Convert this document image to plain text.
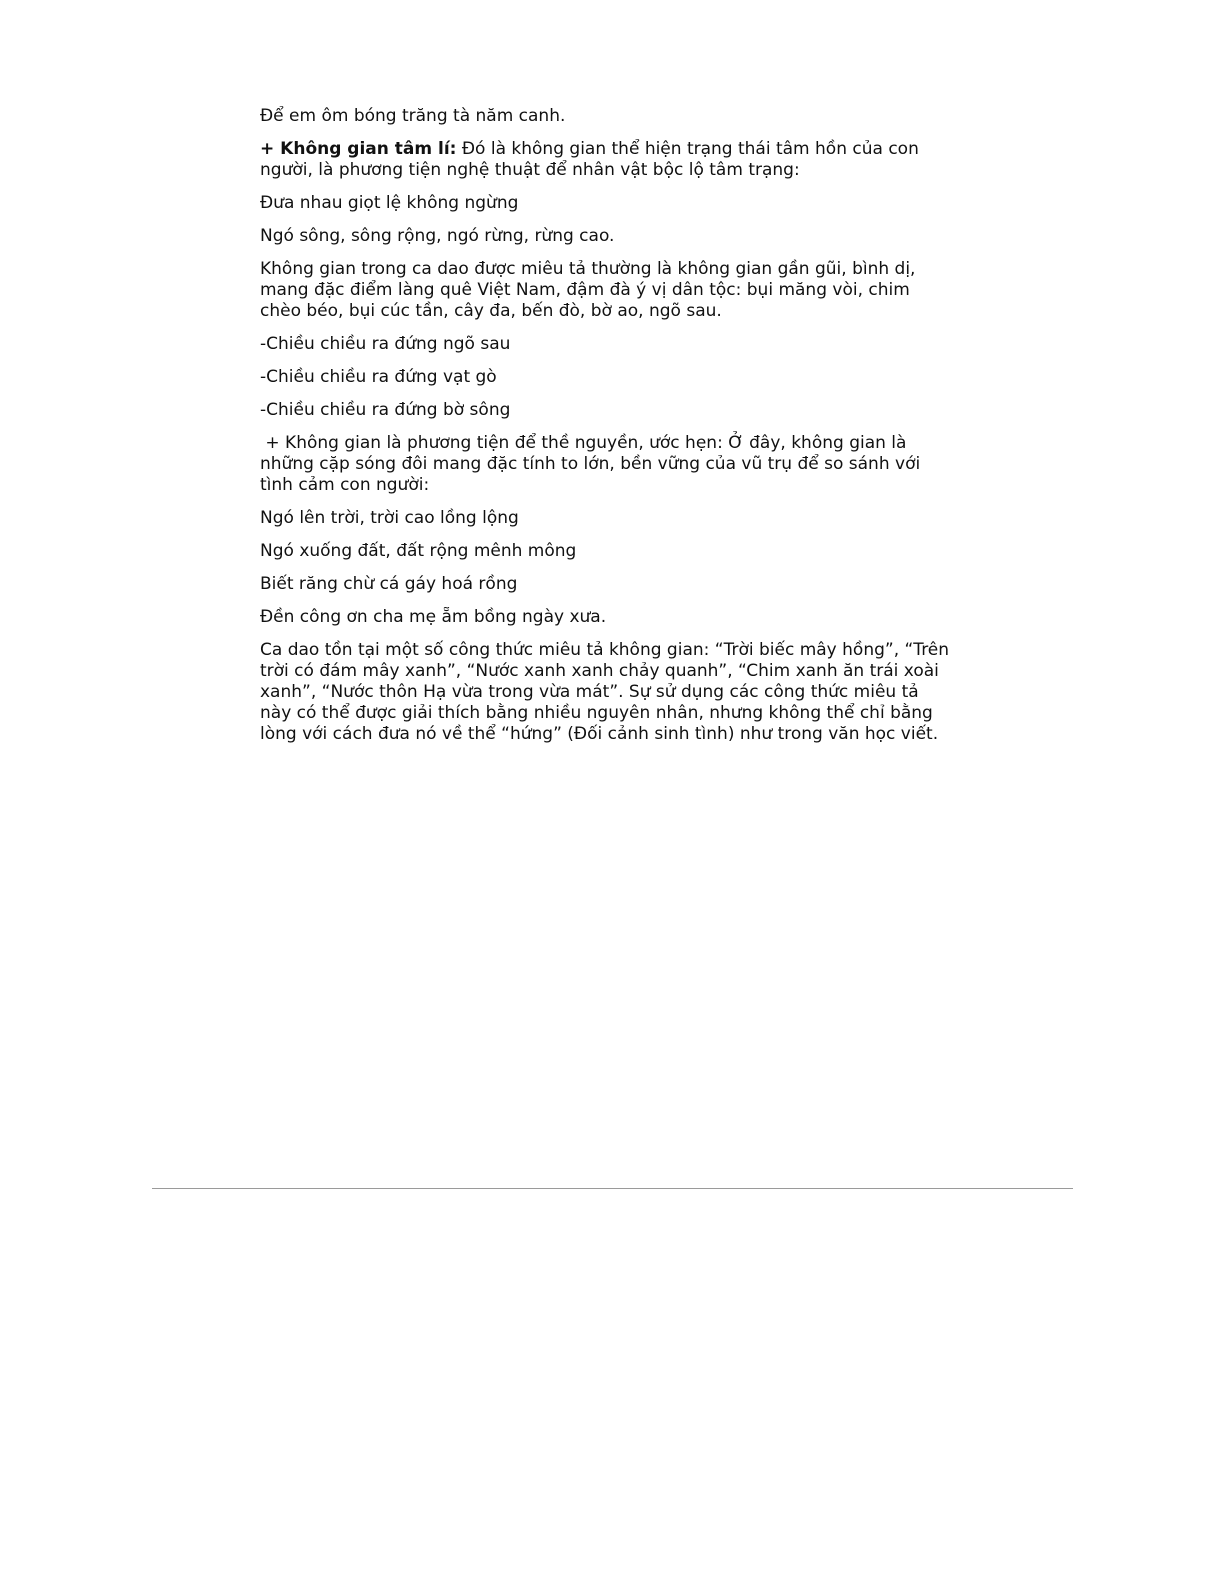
Để em ôm bóng trăng tà năm canh.

+ Không gian tâm lí: Đó là không gian thể hiện trạng thái tâm hồn của con người, là phương tiện nghệ thuật để nhân vật bộc lộ tâm trạng:

Đưa nhau giọt lệ không ngừng

Ngó sông, sông rộng, ngó rừng, rừng cao.

Không gian trong ca dao được miêu tả thường là không gian gần gũi, bình dị, mang đặc điểm làng quê Việt Nam, đậm đà ý vị dân tộc: bụi măng vòi, chim chèo béo, bụi cúc tần, cây đa, bến đò, bờ ao, ngõ sau.

-Chiều chiều ra đứng ngõ sau

-Chiều chiều ra đứng vạt gò

-Chiều chiều ra đứng bờ sông

+ Không gian là phương tiện để thề nguyền, ước hẹn: Ở đây, không gian là những cặp sóng đôi mang đặc tính to lớn, bền vững của vũ trụ để so sánh với tình cảm con người:

Ngó lên trời, trời cao lồng lộng

Ngó xuống đất, đất rộng mênh mông

Biết răng chừ cá gáy hoá rồng

Đền công ơn cha mẹ ẵm bồng ngày xưa.

Ca dao tồn tại một số công thức miêu tả không gian: “Trời biếc mây hồng”, “Trên trời có đám mây xanh”, “Nước xanh xanh chảy quanh”, “Chim xanh ăn trái xoài xanh”, “Nước thôn Hạ vừa trong vừa mát”. Sự sử dụng các công thức miêu tả này có thể được giải thích bằng nhiều nguyên nhân, nhưng không thể chỉ bằng lòng với cách đưa nó về thể “hứng” (Đối cảnh sinh tình) như trong văn học viết.
